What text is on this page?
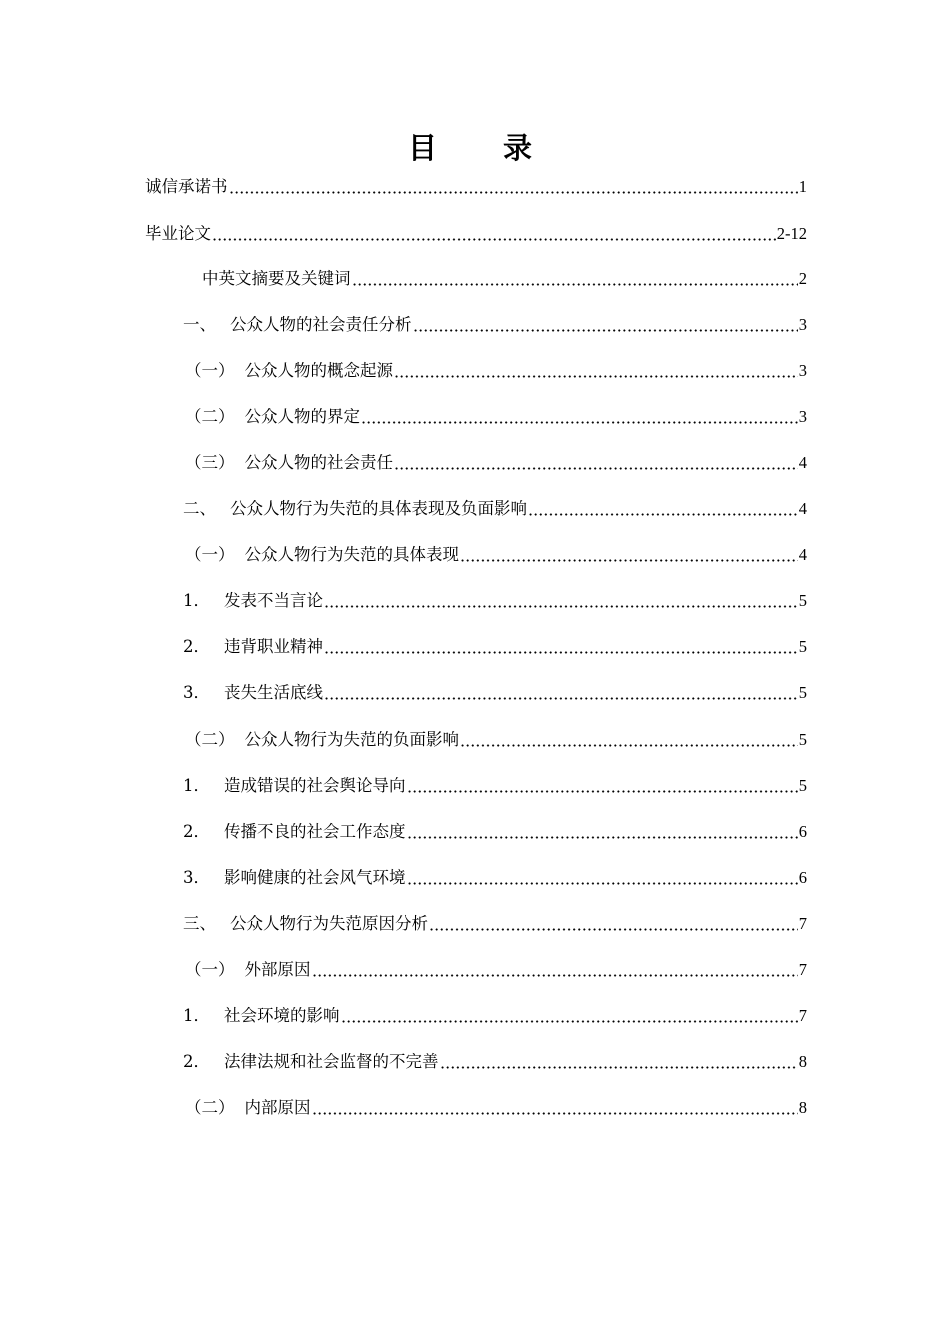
目 录
诚信承诺书	1
毕业论文	2-12
中英文摘要及关键词	2
一、 公众人物的社会责任分析	3
（一） 公众人物的概念起源	3
（二） 公众人物的界定	3
（三） 公众人物的社会责任	4
二、 公众人物行为失范的具体表现及负面影响	4
（一） 公众人物行为失范的具体表现	4
1． 发表不当言论	5
2． 违背职业精神	5
3． 丧失生活底线	5
（二） 公众人物行为失范的负面影响	5
1． 造成错误的社会舆论导向	5
2． 传播不良的社会工作态度	6
3． 影响健康的社会风气环境	6
三、 公众人物行为失范原因分析	7
（一） 外部原因	7
1． 社会环境的影响	7
2． 法律法规和社会监督的不完善	8
（二） 内部原因	8
